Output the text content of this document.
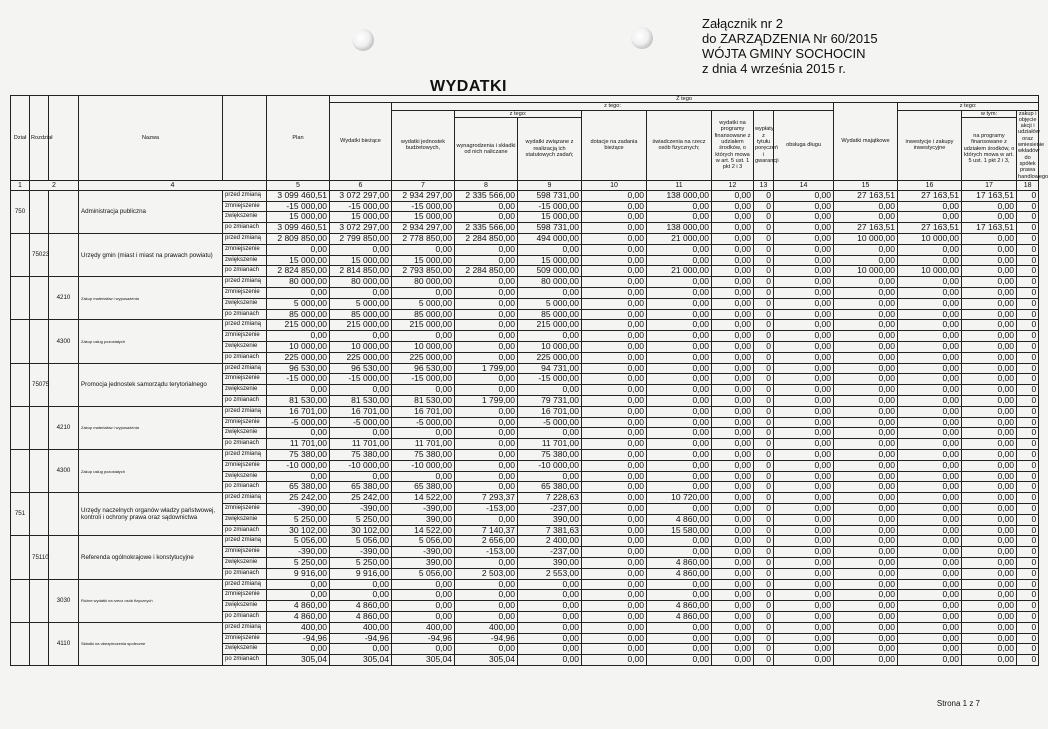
Załącznik nr 2
do ZARZĄDZENIA Nr 60/2015
WÓJTA GMINY SOCHOCIN
z dnia 4 września 2015 r.
WYDATKI
Dział	Rozdział		Nazwa		Plan	Z tego												
						Wydatki bieżące	z tego:								Wydatki majątkowe	z tego:		
							wydatki jednostek budżetowych,	z tego:		dotacje na zadania bieżące	świadczenia na rzecz osób fizycznych;	wydatki na programy finansowane z udziałem środków, o których mowa w art. 5 ust. 1 pkt 2 i 3	wypłaty z tytułu poręczeń i gwarancji	obsługa długu		inwestycje i zakupy inwestycyjne	w tym:	zakup i objęcie akcji i udziałów oraz wniesienie wkładów do spółek prawa handlowego
								wynagrodzenia i składki od nich naliczane	wydatki związane z realizacją ich statutowych zadań;								na programy finansowane z udziałem środków, o których mowa w art. 5 ust. 1 pkt 2 i 3,	

1	2		4		5	6	7	8	9	10	11	12	13	14	15	16	17	18
750			Administracja publiczna	przed zmianą	3 099 460,51	3 072 297,00	2 934 297,00	2 335 566,00	598 731,00	0,00	138 000,00	0,00	0	0,00	27 163,51	27 163,51	17 163,51	0
				zmniejszenie	-15 000,00	-15 000,00	-15 000,00	0,00	-15 000,00	0,00	0,00	0,00	0	0,00	0,00	0,00	0,00	0
				zwiększenie	15 000,00	15 000,00	15 000,00	0,00	15 000,00	0,00	0,00	0,00	0	0,00	0,00	0,00	0,00	0
				po zmianach	3 099 460,51	3 072 297,00	2 934 297,00	2 335 566,00	598 731,00	0,00	138 000,00	0,00	0	0,00	27 163,51	27 163,51	17 163,51	0
	75023		Urzędy gmin (miast i miast na prawach powiatu)	przed zmianą	2 809 850,00	2 799 850,00	2 778 850,00	2 284 850,00	494 000,00	0,00	21 000,00	0,00	0	0,00	10 000,00	10 000,00	0,00	0
				zmniejszenie	0,00	0,00	0,00	0,00	0,00	0,00	0,00	0,00	0	0,00	0,00	0,00	0,00	0
				zwiększenie	15 000,00	15 000,00	15 000,00	0,00	15 000,00	0,00	0,00	0,00	0	0,00	0,00	0,00	0,00	0
				po zmianach	2 824 850,00	2 814 850,00	2 793 850,00	2 284 850,00	509 000,00	0,00	21 000,00	0,00	0	0,00	10 000,00	10 000,00	0,00	0
		4210	Zakup materiałów i wyposażenia	przed zmianą	80 000,00	80 000,00	80 000,00	0,00	80 000,00	0,00	0,00	0,00	0	0,00	0,00	0,00	0,00	0
				zmniejszenie	0,00	0,00	0,00	0,00	0,00	0,00	0,00	0,00	0	0,00	0,00	0,00	0,00	0
				zwiększenie	5 000,00	5 000,00	5 000,00	0,00	5 000,00	0,00	0,00	0,00	0	0,00	0,00	0,00	0,00	0
				po zmianach	85 000,00	85 000,00	85 000,00	0,00	85 000,00	0,00	0,00	0,00	0	0,00	0,00	0,00	0,00	0
		4300	Zakup usług pozostałych	przed zmianą	215 000,00	215 000,00	215 000,00	0,00	215 000,00	0,00	0,00	0,00	0	0,00	0,00	0,00	0,00	0
				zmniejszenie	0,00	0,00	0,00	0,00	0,00	0,00	0,00	0,00	0	0,00	0,00	0,00	0,00	0
				zwiększenie	10 000,00	10 000,00	10 000,00	0,00	10 000,00	0,00	0,00	0,00	0	0,00	0,00	0,00	0,00	0
				po zmianach	225 000,00	225 000,00	225 000,00	0,00	225 000,00	0,00	0,00	0,00	0	0,00	0,00	0,00	0,00	0
	75075		Promocja jednostek samorządu terytorialnego	przed zmianą	96 530,00	96 530,00	96 530,00	1 799,00	94 731,00	0,00	0,00	0,00	0	0,00	0,00	0,00	0,00	0
				zmniejszenie	-15 000,00	-15 000,00	-15 000,00	0,00	-15 000,00	0,00	0,00	0,00	0	0,00	0,00	0,00	0,00	0
				zwiększenie	0,00	0,00	0,00	0,00	0,00	0,00	0,00	0,00	0	0,00	0,00	0,00	0,00	0
				po zmianach	81 530,00	81 530,00	81 530,00	1 799,00	79 731,00	0,00	0,00	0,00	0	0,00	0,00	0,00	0,00	0
		4210	Zakup materiałów i wyposażenia	przed zmianą	16 701,00	16 701,00	16 701,00	0,00	16 701,00	0,00	0,00	0,00	0	0,00	0,00	0,00	0,00	0
				zmniejszenie	-5 000,00	-5 000,00	-5 000,00	0,00	-5 000,00	0,00	0,00	0,00	0	0,00	0,00	0,00	0,00	0
				zwiększenie	0,00	0,00	0,00	0,00	0,00	0,00	0,00	0,00	0	0,00	0,00	0,00	0,00	0
				po zmianach	11 701,00	11 701,00	11 701,00	0,00	11 701,00	0,00	0,00	0,00	0	0,00	0,00	0,00	0,00	0
		4300	Zakup usług pozostałych	przed zmianą	75 380,00	75 380,00	75 380,00	0,00	75 380,00	0,00	0,00	0,00	0	0,00	0,00	0,00	0,00	0
				zmniejszenie	-10 000,00	-10 000,00	-10 000,00	0,00	-10 000,00	0,00	0,00	0,00	0	0,00	0,00	0,00	0,00	0
				zwiększenie	0,00	0,00	0,00	0,00	0,00	0,00	0,00	0,00	0	0,00	0,00	0,00	0,00	0
				po zmianach	65 380,00	65 380,00	65 380,00	0,00	65 380,00	0,00	0,00	0,00	0	0,00	0,00	0,00	0,00	0
751			Urzędy naczelnych organów władzy państwowej, kontroli i ochrony prawa oraz sądownictwa	przed zmianą	25 242,00	25 242,00	14 522,00	7 293,37	7 228,63	0,00	10 720,00	0,00	0	0,00	0,00	0,00	0,00	0
				zmniejszenie	-390,00	-390,00	-390,00	-153,00	-237,00	0,00	0,00	0,00	0	0,00	0,00	0,00	0,00	0
				zwiększenie	5 250,00	5 250,00	390,00	0,00	390,00	0,00	4 860,00	0,00	0	0,00	0,00	0,00	0,00	0
				po zmianach	30 102,00	30 102,00	14 522,00	7 140,37	7 381,63	0,00	15 580,00	0,00	0	0,00	0,00	0,00	0,00	0
	75110		Referenda ogólnokrajowe i konstytucyjne	przed zmianą	5 056,00	5 056,00	5 056,00	2 656,00	2 400,00	0,00	0,00	0,00	0	0,00	0,00	0,00	0,00	0
				zmniejszenie	-390,00	-390,00	-390,00	-153,00	-237,00	0,00	0,00	0,00	0	0,00	0,00	0,00	0,00	0
				zwiększenie	5 250,00	5 250,00	390,00	0,00	390,00	0,00	4 860,00	0,00	0	0,00	0,00	0,00	0,00	0
				po zmianach	9 916,00	9 916,00	5 056,00	2 503,00	2 553,00	0,00	4 860,00	0,00	0	0,00	0,00	0,00	0,00	0
		3030	Różne wydatki na rzecz osób fizycznych	przed zmianą	0,00	0,00	0,00	0,00	0,00	0,00	0,00	0,00	0	0,00	0,00	0,00	0,00	0
				zmniejszenie	0,00	0,00	0,00	0,00	0,00	0,00	0,00	0,00	0	0,00	0,00	0,00	0,00	0
				zwiększenie	4 860,00	4 860,00	0,00	0,00	0,00	0,00	4 860,00	0,00	0	0,00	0,00	0,00	0,00	0
				po zmianach	4 860,00	4 860,00	0,00	0,00	0,00	0,00	4 860,00	0,00	0	0,00	0,00	0,00	0,00	0
		4110	Składki na ubezpieczenia społeczne	przed zmianą	400,00	400,00	400,00	400,00	0,00	0,00	0,00	0,00	0	0,00	0,00	0,00	0,00	0
				zmniejszenie	-94,96	-94,96	-94,96	-94,96	0,00	0,00	0,00	0,00	0	0,00	0,00	0,00	0,00	0
				zwiększenie	0,00	0,00	0,00	0,00	0,00	0,00	0,00	0,00	0	0,00	0,00	0,00	0,00	0
				po zmianach	305,04	305,04	305,04	305,04	0,00	0,00	0,00	0,00	0	0,00	0,00	0,00	0,00	0
Strona 1 z 7
